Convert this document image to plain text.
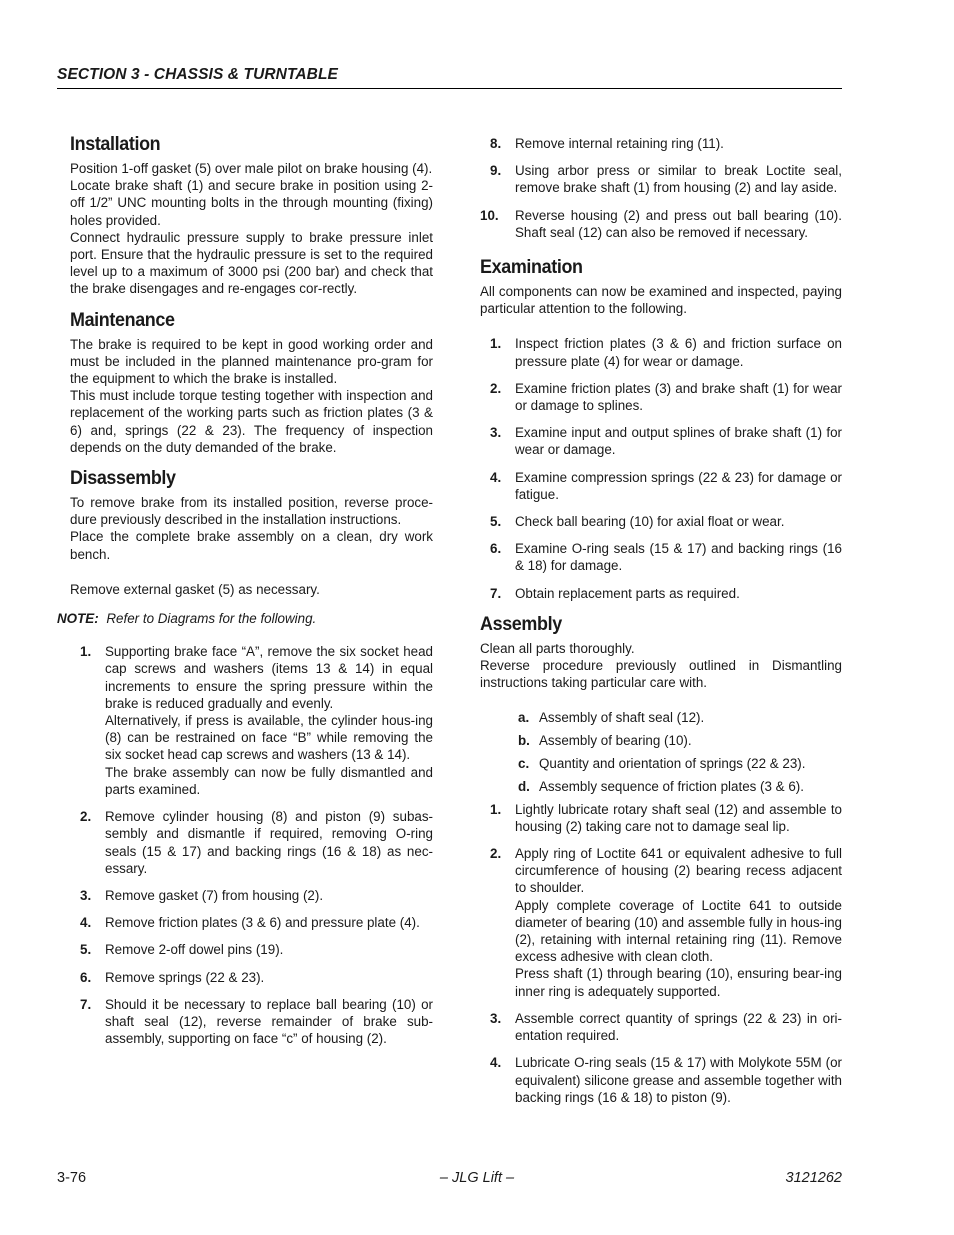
SECTION 3 - CHASSIS & TURNTABLE
Installation

Position 1-off gasket (5) over male pilot on brake housing (4).

Locate brake shaft (1) and secure brake in position using 2-off 1/2” UNC mounting bolts in the through mounting (fixing) holes provided.

Connect hydraulic pressure supply to brake pressure inlet port. Ensure that the hydraulic pressure is set to the required level up to a maximum of 3000 psi (200 bar) and check that the brake disengages and re-engages cor-rectly.

Maintenance

The brake is required to be kept in good working order and must be included in the planned maintenance pro-gram for the equipment to which the brake is installed.

This must include torque testing together with inspection and replacement of the working parts such as friction plates (3 & 6) and, springs (22 & 23). The frequency of inspection depends on the duty demanded of the brake.

Disassembly

To remove brake from its installed position, reverse proce-dure previously described in the installation instructions.

Place the complete brake assembly on a clean, dry work bench.

Remove external gasket (5) as necessary.

NOTE: Refer to Diagrams for the following.
1. Supporting brake face “A”, remove the six socket head cap screws and washers (items 13 & 14) in equal increments to ensure the spring pressure within the brake is reduced gradually and evenly.

Alternatively, if press is available, the cylinder hous-ing (8) can be restrained on face “B” while removing the six socket head cap screws and washers (13 & 14).

The brake assembly can now be fully dismantled and parts examined.

2. Remove cylinder housing (8) and piston (9) subas-sembly and dismantle if required, removing O-ring seals (15 & 17) and backing rings (16 & 18) as nec-essary.

3. Remove gasket (7) from housing (2).

4. Remove friction plates (3 & 6) and pressure plate (4).

5. Remove 2-off dowel pins (19).

6. Remove springs (22 & 23).

7. Should it be necessary to replace ball bearing (10) or shaft seal (12), reverse remainder of brake sub-assembly, supporting on face “c” of housing (2).

8. Remove internal retaining ring (11).

9. Using arbor press or similar to break Loctite seal, remove brake shaft (1) from housing (2) and lay aside.

10. Reverse housing (2) and press out ball bearing (10). Shaft seal (12) can also be removed if necessary.

Examination

All components can now be examined and inspected, paying particular attention to the following.

1. Inspect friction plates (3 & 6) and friction surface on pressure plate (4) for wear or damage.

2. Examine friction plates (3) and brake shaft (1) for wear or damage to splines.

3. Examine input and output splines of brake shaft (1) for wear or damage.

4. Examine compression springs (22 & 23) for damage or fatigue.

5. Check ball bearing (10) for axial float or wear.

6. Examine O-ring seals (15 & 17) and backing rings (16 & 18) for damage.

7. Obtain replacement parts as required.

Assembly

Clean all parts thoroughly.

Reverse procedure previously outlined in Dismantling instructions taking particular care with.

a. Assembly of shaft seal (12).
b. Assembly of bearing (10).
c. Quantity and orientation of springs (22 & 23).
d. Assembly sequence of friction plates (3 & 6).
1. Lightly lubricate rotary shaft seal (12) and assemble to housing (2) taking care not to damage seal lip.

2. Apply ring of Loctite 641 or equivalent adhesive to full circumference of housing (2) bearing recess adjacent to shoulder.

Apply complete coverage of Loctite 641 to outside diameter of bearing (10) and assemble fully in hous-ing (2), retaining with internal retaining ring (11). Remove excess adhesive with clean cloth.

Press shaft (1) through bearing (10), ensuring bear-ing inner ring is adequately supported.

3. Assemble correct quantity of springs (22 & 23) in ori-entation required.

4. Lubricate O-ring seals (15 & 17) with Molykote 55M (or equivalent) silicone grease and assemble together with backing rings (16 & 18) to piston (9).

3-76	– JLG Lift –	3121262
